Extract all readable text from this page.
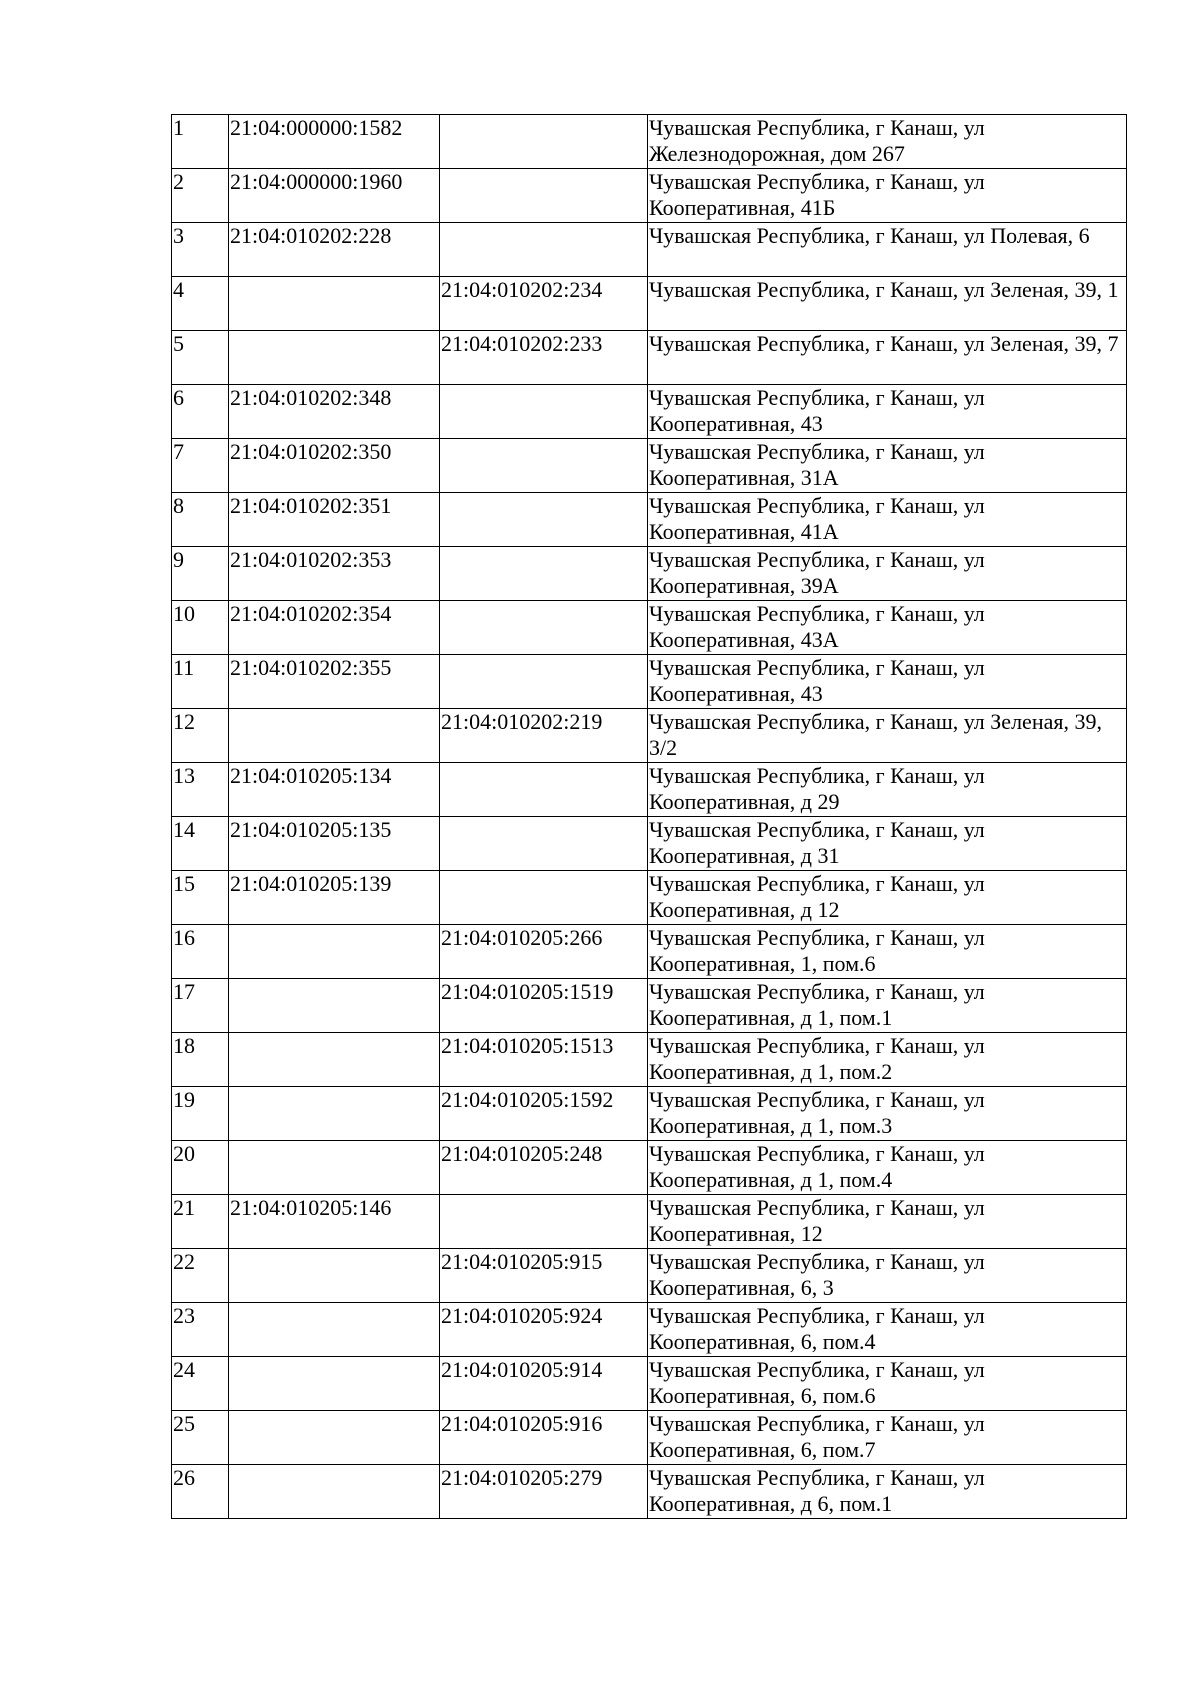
1	21:04:000000:1582		Чувашская Республика, г Канаш, ул Железнодорожная, дом 267
2	21:04:000000:1960		Чувашская Республика, г Канаш, ул Кооперативная, 41Б
3	21:04:010202:228		Чувашская Республика, г Канаш, ул Полевая, 6
4		21:04:010202:234	Чувашская Республика, г Канаш, ул Зеленая, 39, 1
5		21:04:010202:233	Чувашская Республика, г Канаш, ул Зеленая, 39, 7
6	21:04:010202:348		Чувашская Республика, г Канаш, ул Кооперативная, 43
7	21:04:010202:350		Чувашская Республика, г Канаш, ул Кооперативная, 31А
8	21:04:010202:351		Чувашская Республика, г Канаш, ул Кооперативная, 41А
9	21:04:010202:353		Чувашская Республика, г Канаш, ул Кооперативная, 39А
10	21:04:010202:354		Чувашская Республика, г Канаш, ул Кооперативная, 43А
11	21:04:010202:355		Чувашская Республика, г Канаш, ул Кооперативная, 43
12		21:04:010202:219	Чувашская Республика, г Канаш, ул Зеленая, 39, 3/2
13	21:04:010205:134		Чувашская Республика, г Канаш, ул Кооперативная, д 29
14	21:04:010205:135		Чувашская Республика, г Канаш, ул Кооперативная, д 31
15	21:04:010205:139		Чувашская Республика, г Канаш, ул Кооперативная, д 12
16		21:04:010205:266	Чувашская Республика, г Канаш, ул Кооперативная, 1, пом.6
17		21:04:010205:1519	Чувашская Республика, г Канаш, ул Кооперативная, д 1, пом.1
18		21:04:010205:1513	Чувашская Республика, г Канаш, ул Кооперативная, д 1, пом.2
19		21:04:010205:1592	Чувашская Республика, г Канаш, ул Кооперативная, д 1, пом.3
20		21:04:010205:248	Чувашская Республика, г Канаш, ул Кооперативная, д 1, пом.4
21	21:04:010205:146		Чувашская Республика, г Канаш, ул Кооперативная, 12
22		21:04:010205:915	Чувашская Республика, г Канаш, ул Кооперативная, 6, 3
23		21:04:010205:924	Чувашская Республика, г Канаш, ул Кооперативная, 6, пом.4
24		21:04:010205:914	Чувашская Республика, г Канаш, ул Кооперативная, 6, пом.6
25		21:04:010205:916	Чувашская Республика, г Канаш, ул Кооперативная, 6, пом.7
26		21:04:010205:279	Чувашская Республика, г Канаш, ул Кооперативная, д 6, пом.1
